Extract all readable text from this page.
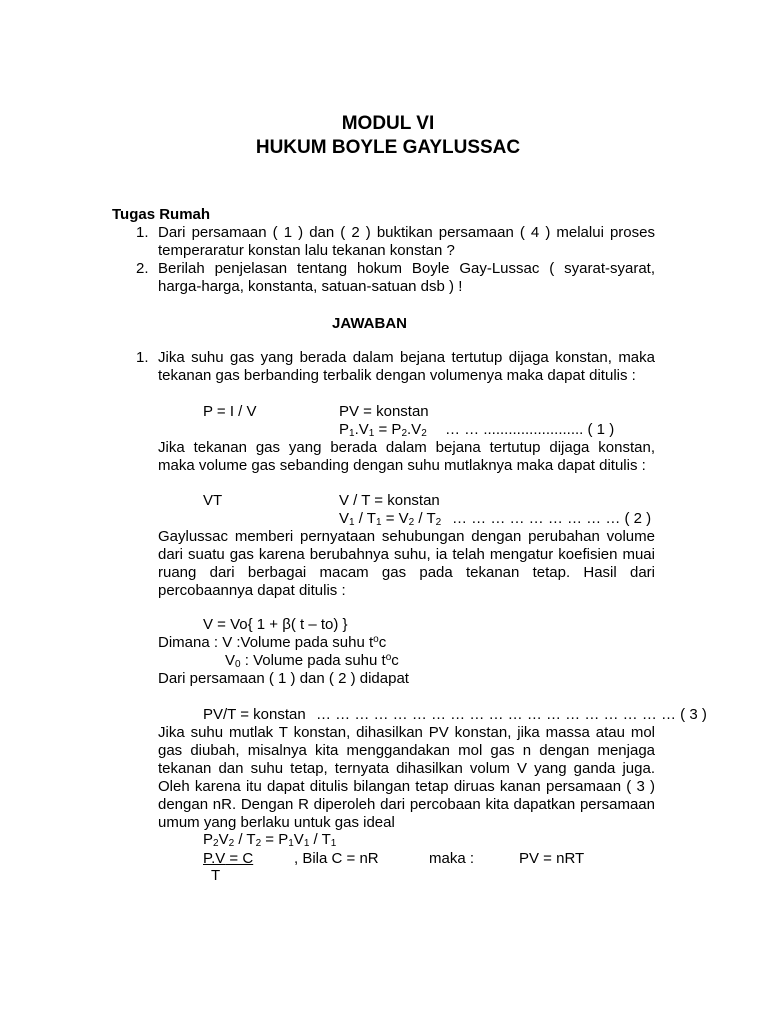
MODUL VI
HUKUM BOYLE GAYLUSSAC
Tugas Rumah
1. Dari persamaan ( 1 ) dan ( 2 ) buktikan persamaan ( 4 ) melalui proses
temperaratur konstan lalu tekanan konstan ?
2. Berilah penjelasan tentang hokum Boyle Gay-Lussac ( syarat-syarat,
harga-harga, konstanta, satuan-satuan dsb ) !
JAWABAN
1. Jika suhu gas yang berada dalam bejana tertutup dijaga konstan, maka
tekanan gas berbanding terbalik dengan volumenya maka dapat ditulis :
P = I / V	PV = konstan
$P_1.V_1 = P_2.V_2$ … … ........................ ( 1 )
Jika tekanan gas yang berada dalam bejana tertutup dijaga konstan,
maka volume gas sebanding dengan suhu mutlaknya maka dapat ditulis :
VT	V / T = konstan
$V_1 / T_1 = V_2 / T_2$ … … … … … … … … … ( 2 )
Gaylussac memberi pernyataan sehubungan dengan perubahan volume
dari suatu gas karena berubahnya suhu, ia telah mengatur koefisien muai
ruang dari berbagai macam gas pada tekanan tetap. Hasil dari
percobaannya dapat ditulis :
V = Vo{ 1 + β( t – to) }
Dimana : V :Volume pada suhu $t^oc$
$V_0$ : Volume pada suhu $t^oc$
Dari persamaan ( 1 ) dan ( 2 ) didapat
PV/T = konstan … … … … … … … … … … … … … … … … … … … ( 3 )
Jika suhu mutlak T konstan, dihasilkan PV konstan, jika massa atau mol
gas diubah, misalnya kita menggandakan mol gas n dengan menjaga
tekanan dan suhu tetap, ternyata dihasilkan volum V yang ganda juga.
Oleh karena itu dapat ditulis bilangan tetap diruas kanan persamaan ( 3 )
dengan nR. Dengan R diperoleh dari percobaan kita dapatkan persamaan
umum yang berlaku untuk gas ideal
$P_2V_2 / T_2 = P_1V_1 / T_1$
P.V = C	, Bila C = nR	maka :	PV = nRT
T
